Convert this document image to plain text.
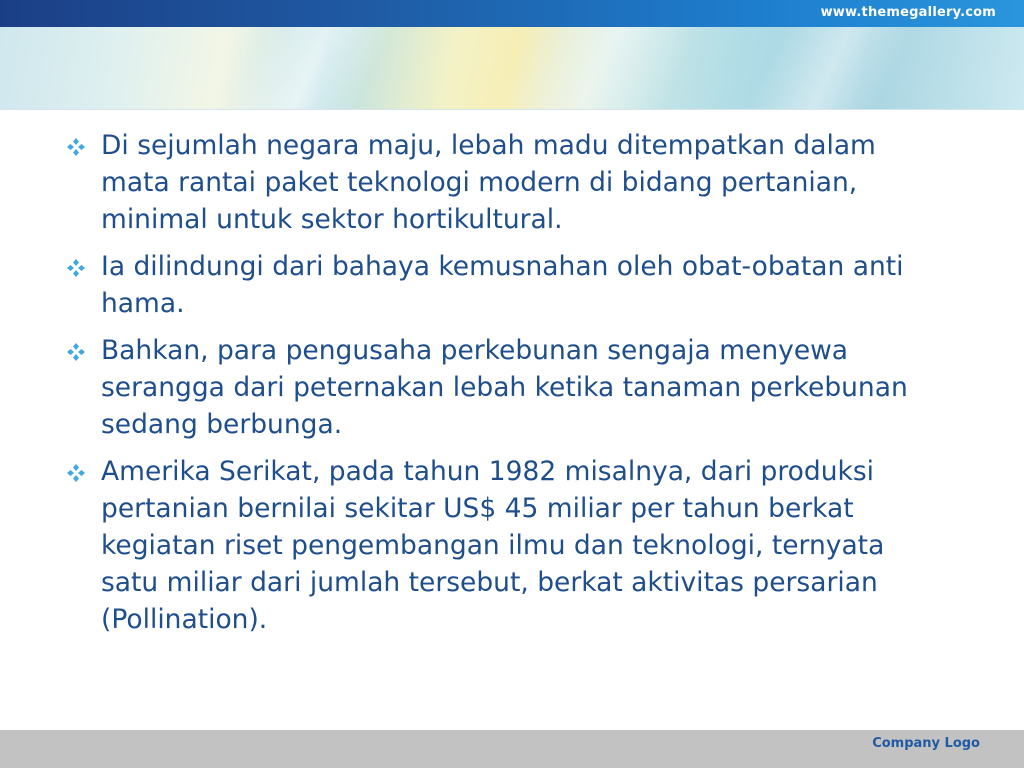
www.themegallery.com
Di sejumlah negara maju, lebah madu ditempatkan dalam mata rantai paket teknologi modern di bidang pertanian, minimal untuk sektor hortikultural.
Ia dilindungi dari bahaya kemusnahan oleh obat-obatan anti hama.
Bahkan, para pengusaha perkebunan sengaja menyewa serangga dari peternakan lebah ketika tanaman perkebunan sedang berbunga.
Amerika Serikat, pada tahun 1982 misalnya, dari produksi pertanian bernilai sekitar US$ 45 miliar per tahun berkat kegiatan riset pengembangan ilmu dan teknologi, ternyata satu miliar dari jumlah tersebut, berkat aktivitas persarian (Pollination).
Company Logo
